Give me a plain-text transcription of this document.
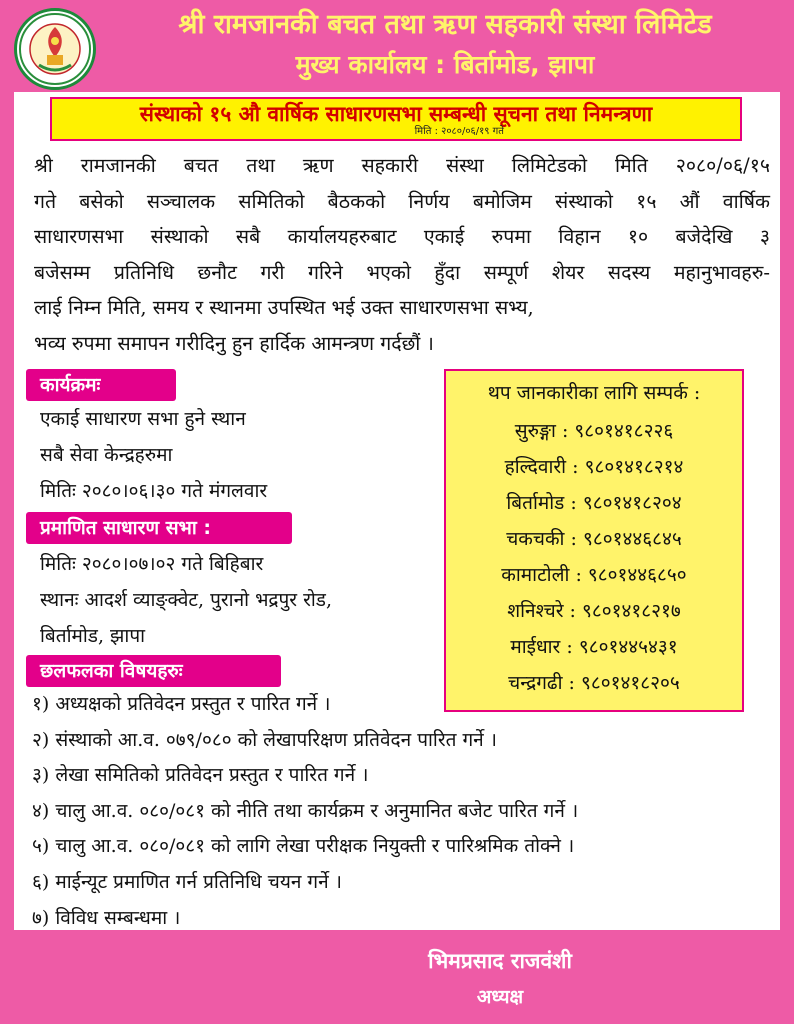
श्री रामजानकी बचत तथा ऋण सहकारी संस्था लिमिटेड
मुख्य कार्यालय : बिर्तामोड, झापा
संस्थाको १५ औ वार्षिक साधारणसभा सम्बन्धी सूचना तथा निमन्त्रणा
मिति : २०८०/०६/१९ गते
श्री रामजानकी बचत तथा ऋण सहकारी संस्था लिमिटेडको मिति २०८०/०६/१५
गते बसेको सञ्चालक समितिको बैठकको निर्णय बमोजिम संस्थाको १५ औं वार्षिक
साधारणसभा संस्थाको सबै कार्यालयहरुबाट एकाई रुपमा विहान १० बजेदेखि ३
बजेसम्म प्रतिनिधि छनौट गरी गरिने भएको हुँदा सम्पूर्ण शेयर सदस्य महानुभावहरु-
लाई निम्न मिति, समय र स्थानमा उपस्थित भई उक्त साधारणसभा सभ्य,
भव्य रुपमा समापन गरीदिनु हुन हार्दिक आमन्त्रण गर्दछौं ।
कार्यक्रमः
एकाई साधारण सभा हुने स्थान
सबै सेवा केन्द्रहरुमा
मितिः २०८०।०६।३० गते मंगलवार
प्रमाणित साधारण सभा :
मितिः २०८०।०७।०२ गते बिहिबार
स्थानः आदर्श व्याङ्क्वेट, पुरानो भद्रपुर रोड,
बिर्तामोड, झापा
थप जानकारीका लागि सम्पर्क :
सुरुङ्गा : ९८०१४१८२२६
हल्दिवारी : ९८०१४१८२१४
बिर्तामोड : ९८०१४१८२०४
चकचकी : ९८०१४४६८४५
कामाटोली : ९८०१४४६८५०
शनिश्चरे : ९८०१४१८२१७
माईधार : ९८०१४४५४३१
चन्द्रगढी : ९८०१४१८२०५
छलफलका विषयहरुः
१) अध्यक्षको प्रतिवेदन प्रस्तुत र पारित गर्ने ।
२) संस्थाको आ.व. ०७९/०८० को लेखापरिक्षण प्रतिवेदन पारित गर्ने ।
३) लेखा समितिको प्रतिवेदन प्रस्तुत र पारित गर्ने ।
४) चालु आ.व. ०८०/०८१ को नीति तथा कार्यक्रम र अनुमानित बजेट पारित गर्ने ।
५) चालु आ.व. ०८०/०८१ को लागि लेखा परीक्षक नियुक्ती र पारिश्रमिक तोक्ने ।
६) माईन्यूट प्रमाणित गर्न प्रतिनिधि चयन गर्ने ।
७) विविध सम्बन्धमा ।
भिमप्रसाद राजवंशी
अध्यक्ष
